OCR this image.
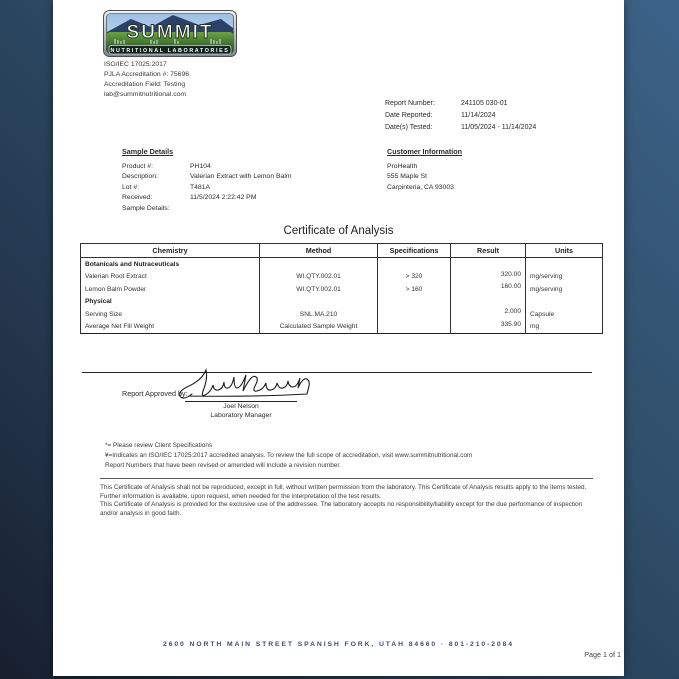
SUMMIT
NUTRITIONAL LABORATORIES
ISO/IEC 17025:2017
PJLA Accreditation #: 75696
Accreditation Field: Testing
lab@summitnutritional.com
Report Number:	241105 030-01
Date Reported:	11/14/2024
Date(s) Tested:	11/05/2024 - 11/14/2024
Sample Details
Product #:	PH104
Description:	Valerian Extract with Lemon Balm
Lot #:	T481A
Received:	11/5/2024 2:22:42 PM
Sample Details:
Customer Information
ProHealth
555 Maple St
Carpinteria, CA 93003
Certificate of Analysis
Chemistry	Method	Specifications	Result	Units
Botanicals and Nutraceuticals				
Valerian Root Extract	WI.QTY.002.01	> 320	320.00	mg/serving
Lemon Balm Powder	WI.QTY.002.01	> 160	160.00	mg/serving
Physical				
Serving Size	SNL.MA.210		2.000	Capsule
Average Net Fill Weight	Calculated Sample Weight		335.90	mg
Report Approved by:
Joel Nelson
Laboratory Manager
*= Please review Client Specifications
¥=Indicates an ISO/IEC 17025:2017 accredited analysis. To review the full scope of accreditation, visit www.summitnutritional.com
Report Numbers that have been revised or amended will include a revision number.

This Certificate of Analysis shall not be reproduced, except in full, without written permission from the laboratory. This Certificate of Analysis results apply to the items tested. Further information is available, upon request, when needed for the interpretation of the test results.

This Certificate of Analysis is provided for the exclusive use of the addressee. The laboratory accepts no responsibility/liability except for the due performance of inspection and/or analysis in good faith.

2600 NORTH MAIN STREET SPANISH FORK, UTAH 84660 · 801-210-2084
Page 1 of 1
